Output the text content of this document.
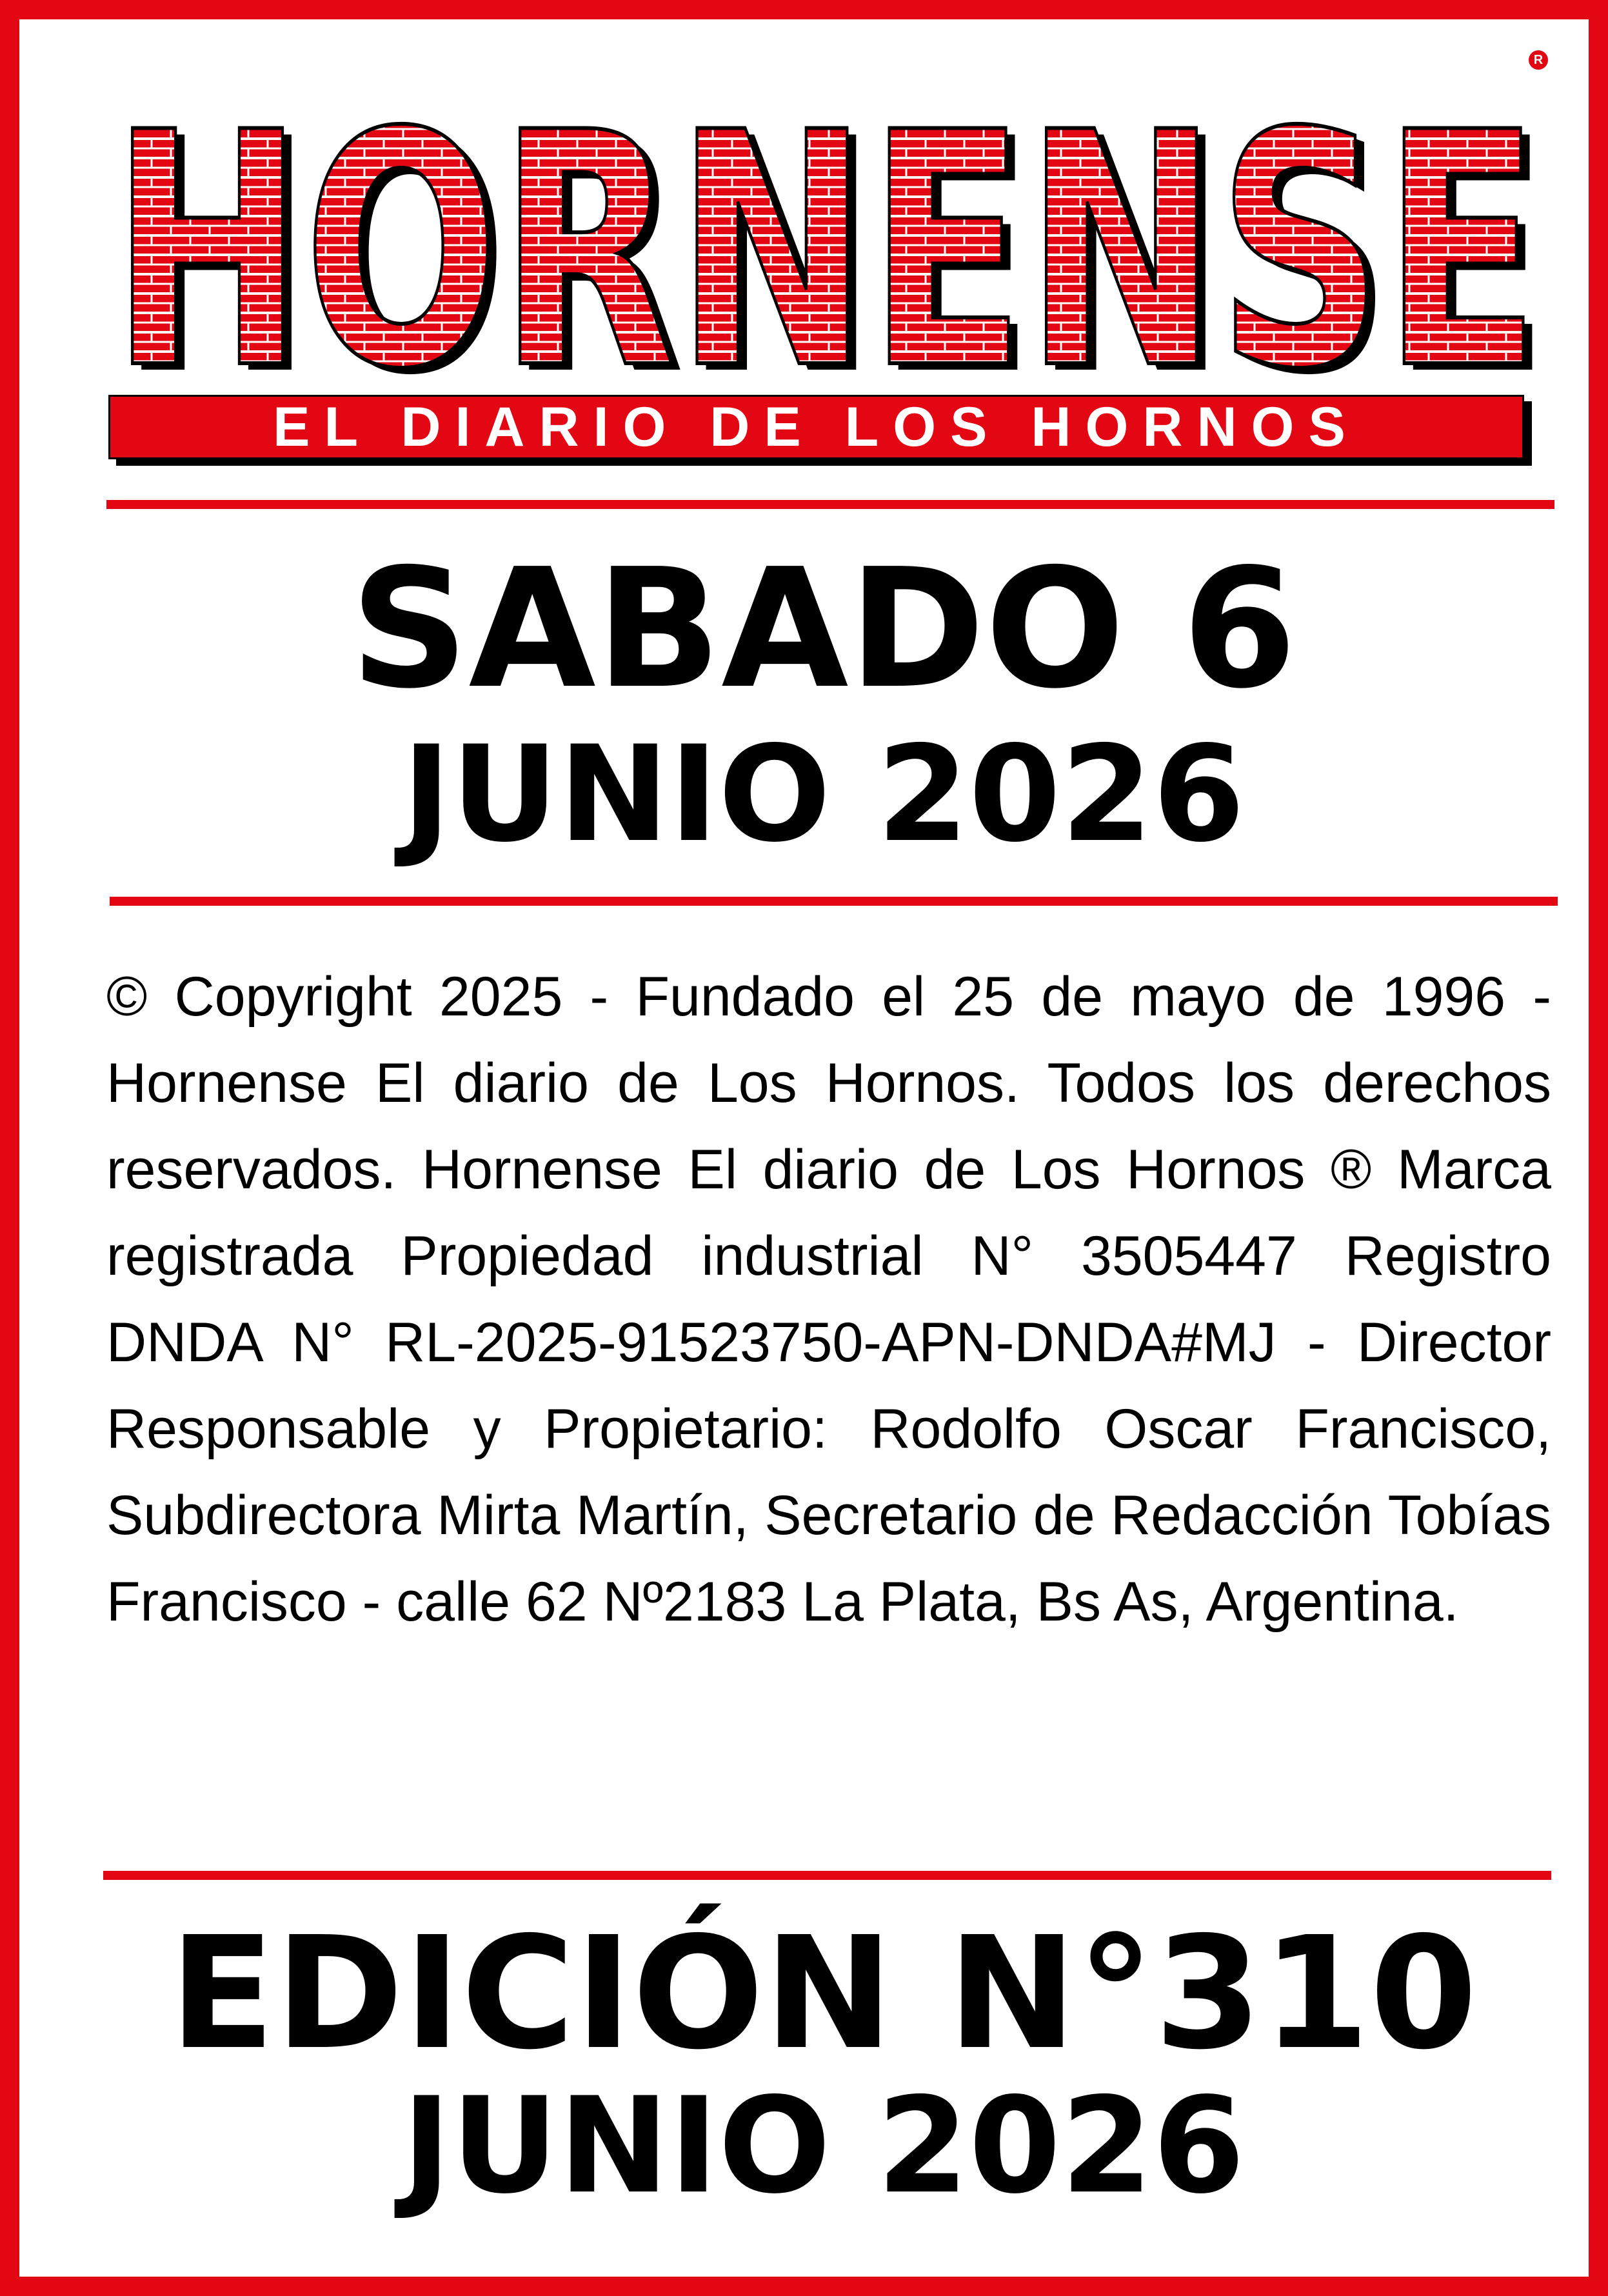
HORNENSE
HORNENSE
R
EL DIARIO DE LOS HORNOS
SABADO 6
JUNIO 2026
© Copyright 2025 - Fundado el 25 de mayo de 1996 - Hornense El diario de Los Hornos. Todos los derechos reservados. Hornense El diario de Los Hornos ® Marca registrada Propiedad industrial N° 3505447 Registro DNDA N° RL-2025-91523750-APN-DNDA#MJ - Director Responsable y Propietario: Rodolfo Oscar Francisco, Subdirectora Mirta Martín, Secretario de Redacción Tobías Francisco - calle 62 Nº2183 La Plata, Bs As, Argentina.
EDICIÓN N°310
JUNIO 2026
